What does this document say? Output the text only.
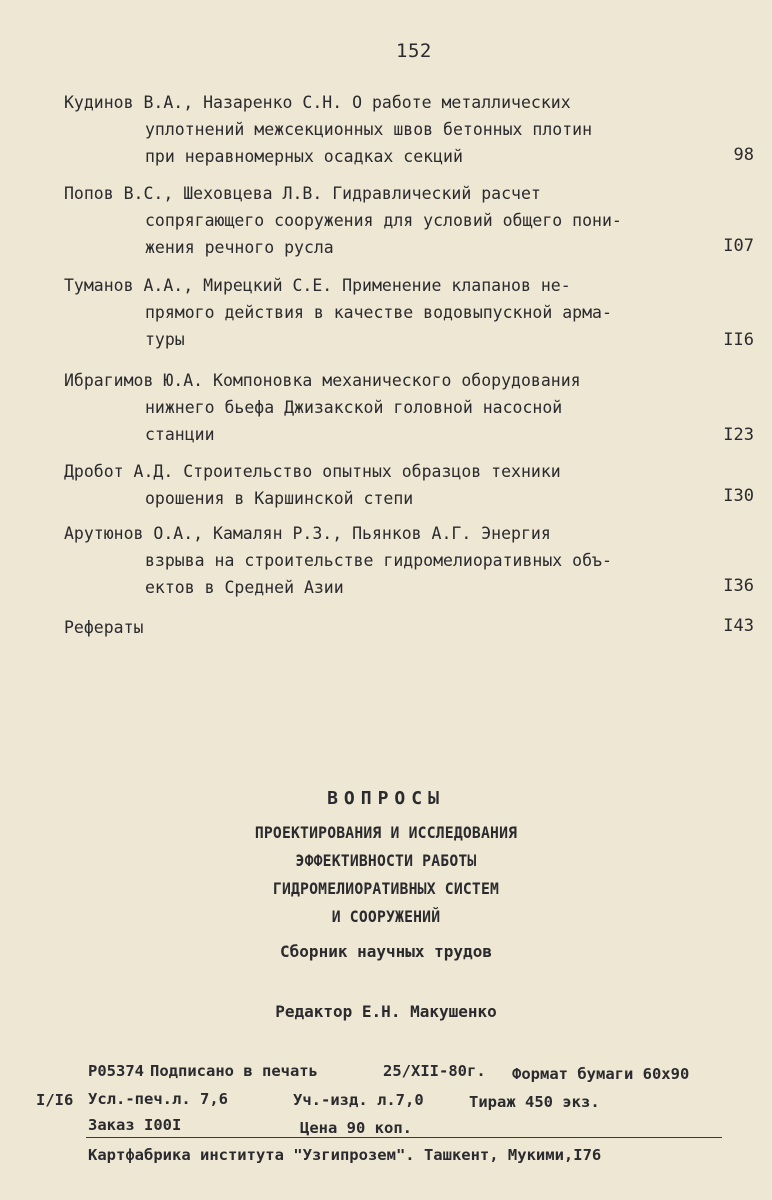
152
Кудинов В.А., Назаренко С.Н. О работе металлических
уплотнений межсекционных швов бетонных плотин
при неравномерных осадках секций	98
Попов В.С., Шеховцева Л.В. Гидравлический расчет
сопрягающего сооружения для условий общего пони-
жения речного русла	I07
Туманов А.А., Мирецкий С.Е. Применение клапанов не-
прямого действия в качестве водовыпускной арма-
туры	II6
Ибрагимов Ю.А. Компоновка механического оборудования
нижнего бьефа Джизакской головной насосной
станции	I23
Дробот А.Д. Строительство опытных образцов техники
орошения в Каршинской степи	I30
Арутюнов О.А., Камалян Р.З., Пьянков А.Г. Энергия
взрыва на строительстве гидромелиоративных объ-
ектов в Средней Азии	I36
Рефераты	I43
ВОПРОСЫ
ПРОЕКТИРОВАНИЯ И ИССЛЕДОВАНИЯ
ЭФФЕКТИВНОСТИ РАБОТЫ
ГИДРОМЕЛИОРАТИВНЫХ СИСТЕМ
И СООРУЖЕНИЙ
Сборник научных трудов
Редактор Е.Н. Макушенко
Р05374 Подписано в печать	25/XII-80г. Формат бумаги 60х90
I/I6 Усл.-печ.л. 7,6	Уч.-изд. л.7,0	Тираж 450 экз.
Заказ I00I	Цена 90 коп.
Картфабрика института "Узгипрозем". Ташкент, Мукими,I76
